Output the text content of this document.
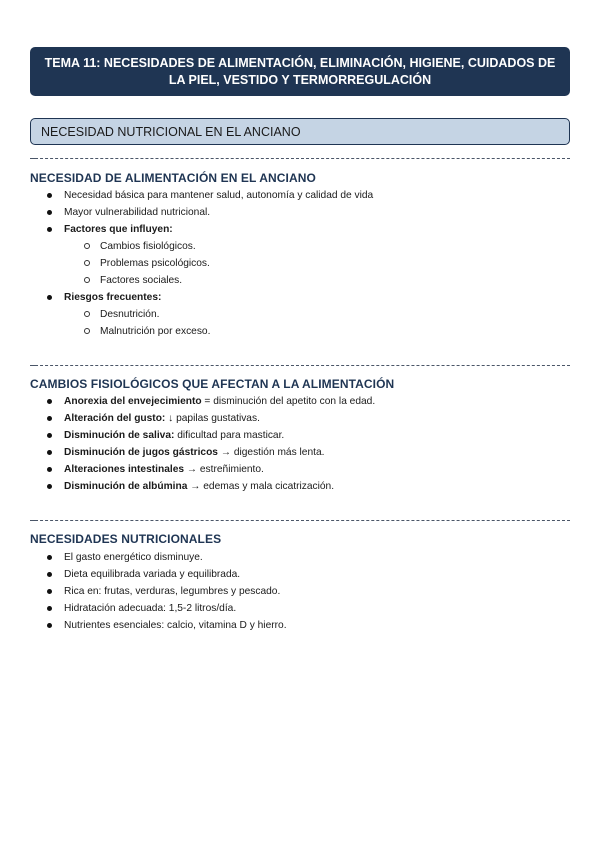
TEMA 11: NECESIDADES DE ALIMENTACIÓN, ELIMINACIÓN, HIGIENE, CUIDADOS DE LA PIEL, VESTIDO Y TERMORREGULACIÓN
NECESIDAD NUTRICIONAL EN EL ANCIANO
NECESIDAD DE ALIMENTACIÓN EN EL ANCIANO
Necesidad básica para mantener salud, autonomía y calidad de vida
Mayor vulnerabilidad nutricional.
Factores que influyen:
Cambios fisiológicos.
Problemas psicológicos.
Factores sociales.
Riesgos frecuentes:
Desnutrición.
Malnutrición por exceso.
CAMBIOS FISIOLÓGICOS QUE AFECTAN A LA ALIMENTACIÓN
Anorexia del envejecimiento = disminución del apetito con la edad.
Alteración del gusto: ↓ papilas gustativas.
Disminución de saliva: dificultad para masticar.
Disminución de jugos gástricos → digestión más lenta.
Alteraciones intestinales → estreñimiento.
Disminución de albúmina → edemas y mala cicatrización.
NECESIDADES NUTRICIONALES
El gasto energético disminuye.
Dieta equilibrada variada y equilibrada.
Rica en: frutas, verduras, legumbres y pescado.
Hidratación adecuada: 1,5-2 litros/día.
Nutrientes esenciales: calcio, vitamina D y hierro.
